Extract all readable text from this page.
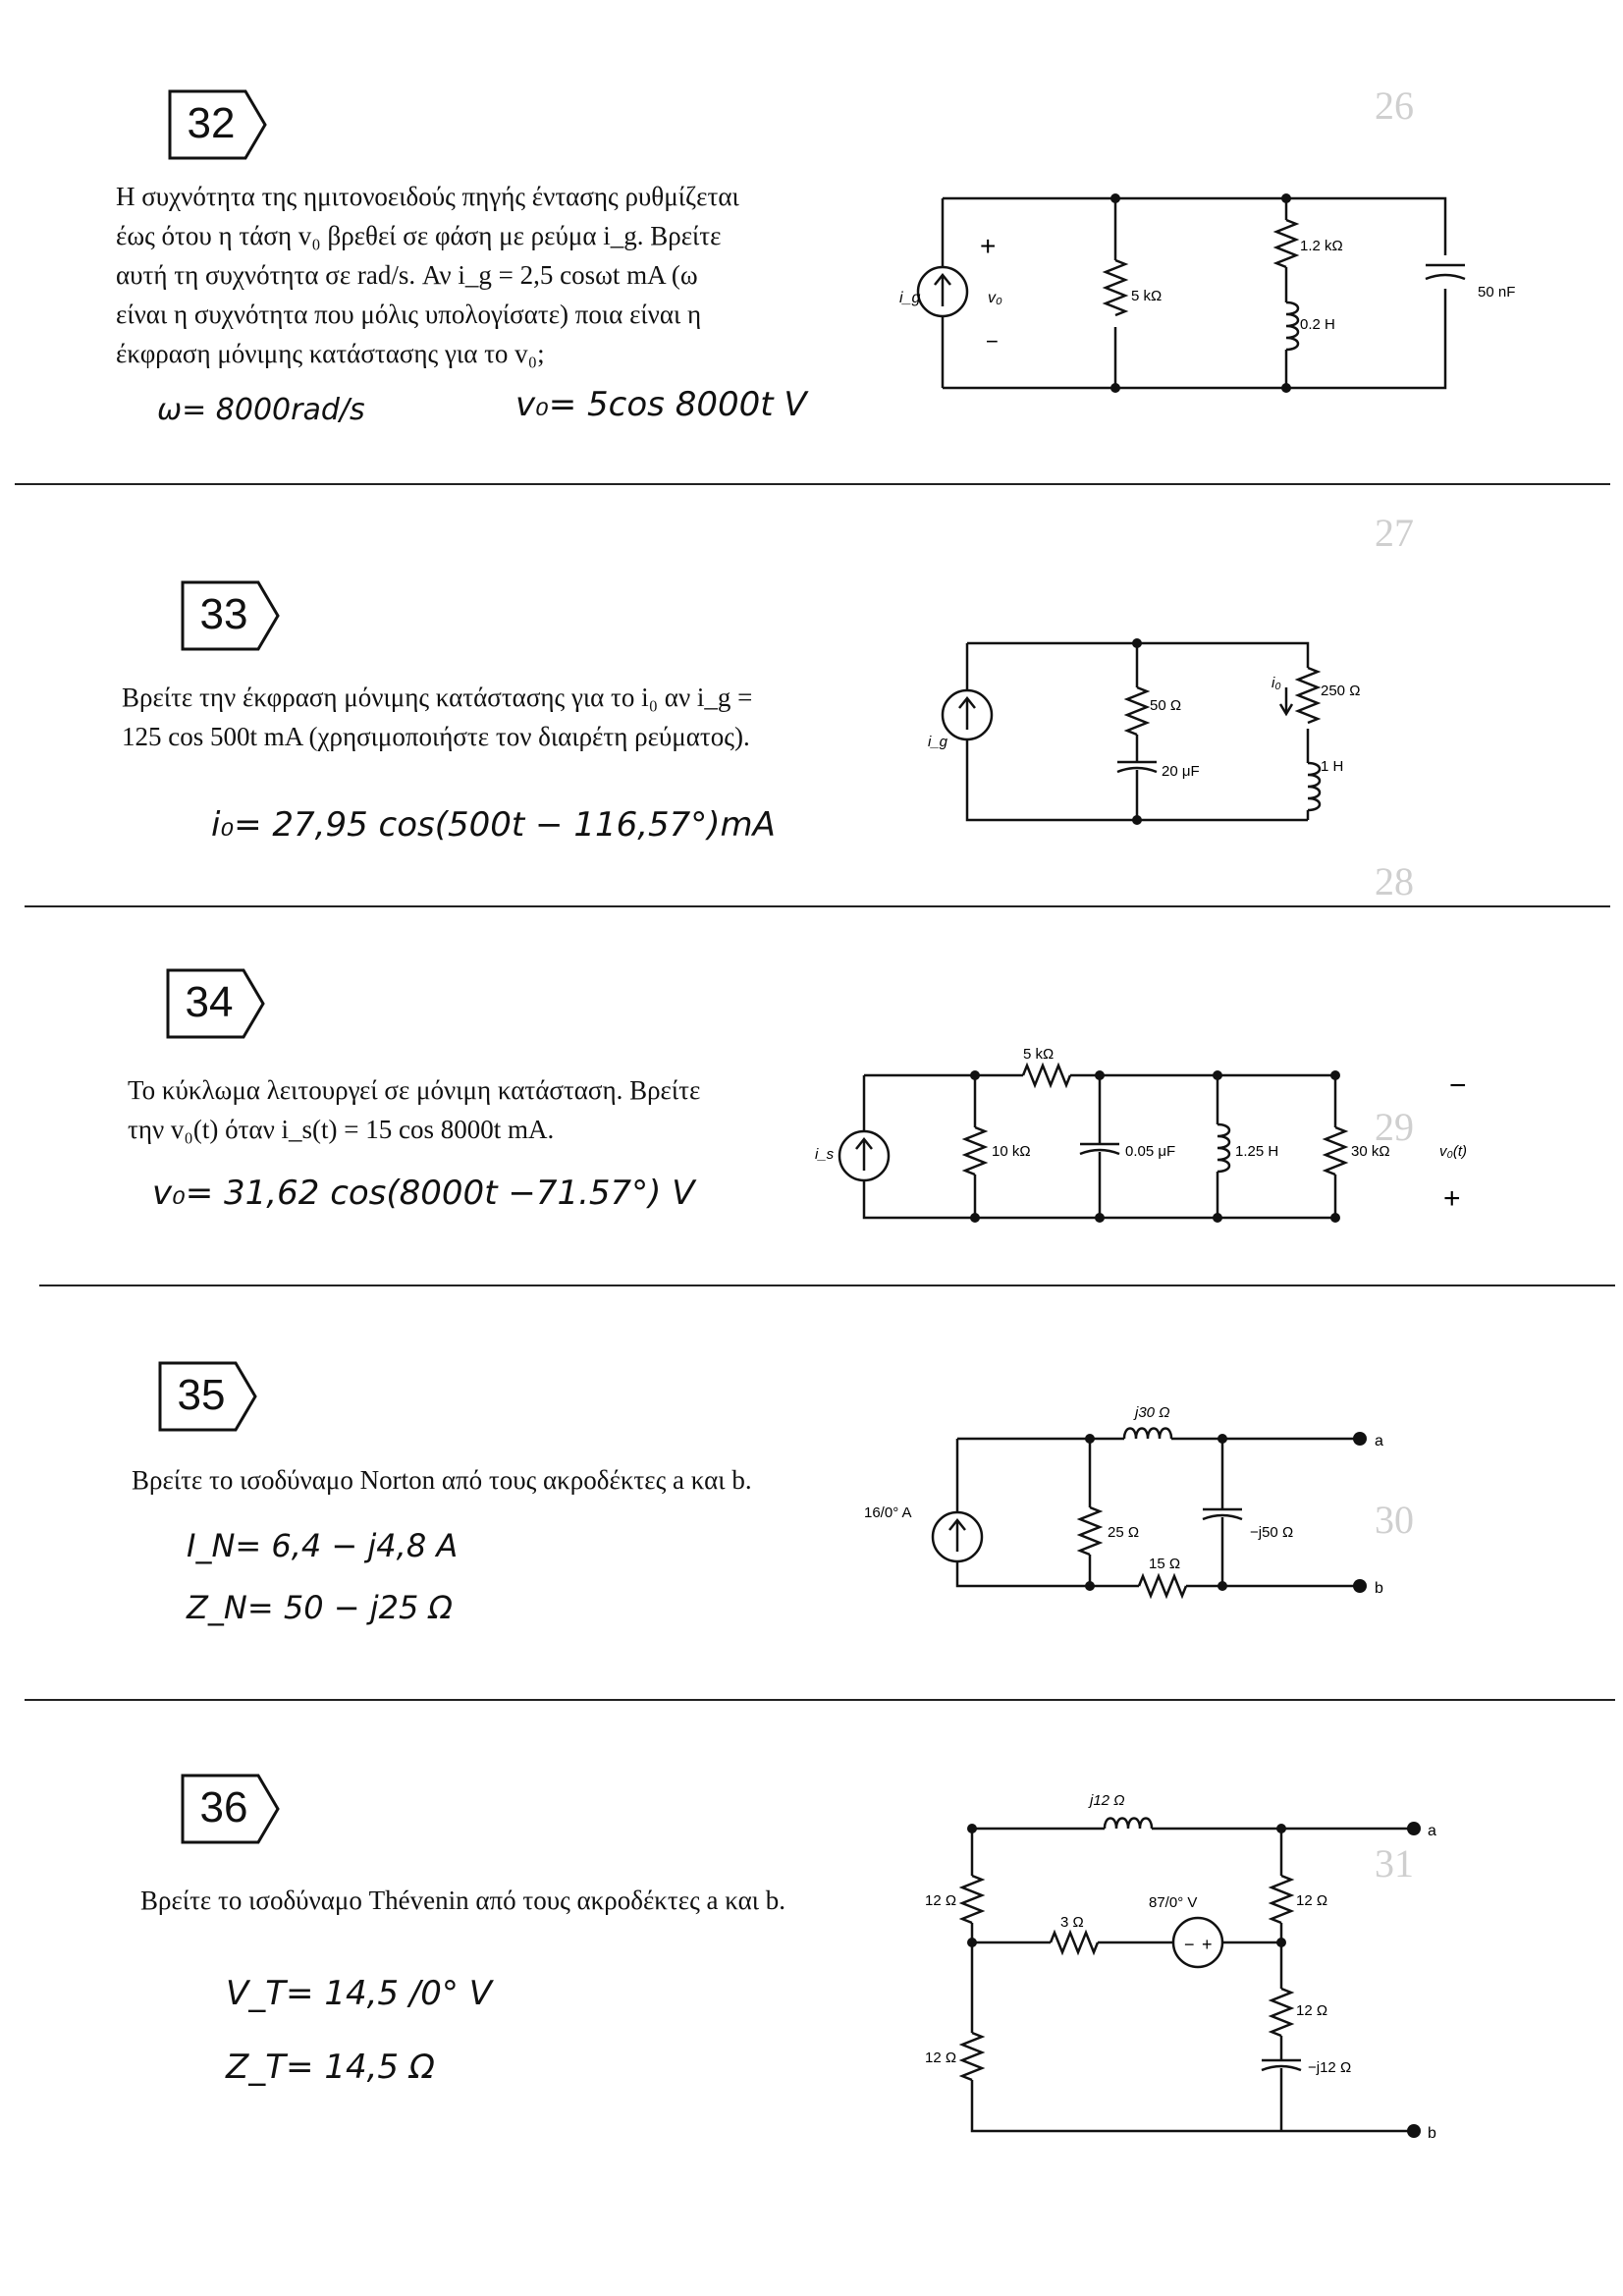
26
27
28
29
30
31
32
Η συχνότητα της ημιτονοειδούς πηγής έντασης ρυθμίζεται έως ότου η τάση v₀ βρεθεί σε φάση με ρεύμα i_g. Βρείτε αυτή τη συχνότητα σε rad/s. Αν i_g = 2,5 cosωt mA (ω είναι η συχνότητα που μόλις υπολογίσατε) ποια είναι η έκφραση μόνιμης κατάστασης για το v₀;
ω= 8000rad/s	v₀= 5cos 8000t V
i_g	v₀
+
−
5 kΩ
1.2 kΩ
0.2 H
50 nF
33
Βρείτε την έκφραση μόνιμης κατάστασης για το i₀ αν i_g = 125 cos 500t mA (χρησιμοποιήστε τον διαιρέτη ρεύματος).
i₀= 27,95 cos(500t − 116,57°)mA
i_g
50 Ω
i₀	250 Ω
20 μF	1 H
34
Το κύκλωμα λειτουργεί σε μόνιμη κατάσταση. Βρείτε την v₀(t) όταν i_s(t) = 15 cos 8000t mA.
v₀= 31,62 cos(8000t −71.57°) V
i_s
5 kΩ
10 kΩ	0.05 μF	1.25 H	30 kΩ	v₀(t)
−
+
35
Βρείτε το ισοδύναμο Norton από τους ακροδέκτες a και b.
I_N= 6,4 − j4,8 A
Z_N= 50 − j25 Ω
16/0° A
j30 Ω
25 Ω	−j50 Ω
15 Ω
a
b
36
Βρείτε το ισοδύναμο Thévenin από τους ακροδέκτες a και b.
V_T= 14,5 /0° V
Z_T= 14,5 Ω
j12 Ω
12 Ω
3 Ω
87/0° V
− +
12 Ω
12 Ω
12 Ω
−j12 Ω
a
b
